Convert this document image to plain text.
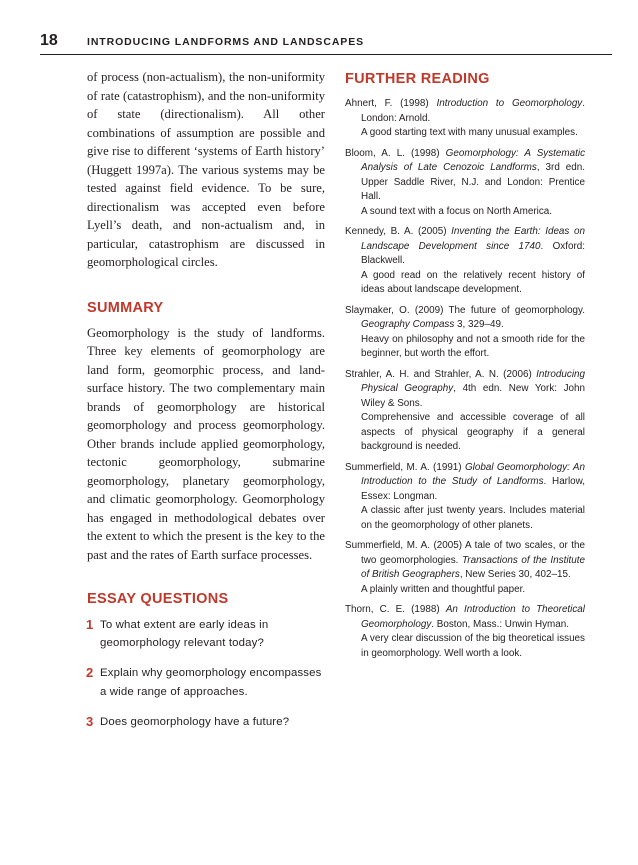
18	INTRODUCING LANDFORMS AND LANDSCAPES

of process (non-actualism), the non-uniformity of rate (catastrophism), and the non-uniformity of state (directionalism). All other combinations of assumption are possible and give rise to different ‘systems of Earth history’ (Huggett 1997a). The various systems may be tested against field evidence. To be sure, directionalism was accepted even before Lyell’s death, and non-actualism and, in particular, catastrophism are discussed in geomorphological circles.

SUMMARY

Geomorphology is the study of landforms. Three key elements of geomorphology are land form, geomorphic process, and land-surface history. The two complementary main brands of geomorphology are historical geomorphology and process geomorphology. Other brands include applied geomorphology, tectonic geomorphology, submarine geomorphology, planetary geomorphology, and climatic geomorphology. Geomorphology has engaged in methodological debates over the extent to which the present is the key to the past and the rates of Earth surface processes.

ESSAY QUESTIONS
1 To what extent are early ideas in geomorphology relevant today?
2 Explain why geomorphology encompasses a wide range of approaches.
3 Does geomorphology have a future?
FURTHER READING
Ahnert, F. (1998) Introduction to Geomorphology. London: Arnold.
A good starting text with many unusual examples.
Bloom, A. L. (1998) Geomorphology: A Systematic Analysis of Late Cenozoic Landforms, 3rd edn. Upper Saddle River, N.J. and London: Prentice Hall.
A sound text with a focus on North America.
Kennedy, B. A. (2005) Inventing the Earth: Ideas on Landscape Development since 1740. Oxford: Blackwell.
A good read on the relatively recent history of ideas about landscape development.
Slaymaker, O. (2009) The future of geomorphology. Geography Compass 3, 329–49.
Heavy on philosophy and not a smooth ride for the beginner, but worth the effort.
Strahler, A. H. and Strahler, A. N. (2006) Introducing Physical Geography, 4th edn. New York: John Wiley & Sons.
Comprehensive and accessible coverage of all aspects of physical geography if a general background is needed.
Summerfield, M. A. (1991) Global Geomorphology: An Introduction to the Study of Landforms. Harlow, Essex: Longman.
A classic after just twenty years. Includes material on the geomorphology of other planets.
Summerfield, M. A. (2005) A tale of two scales, or the two geomorphologies. Transactions of the Institute of British Geographers, New Series 30, 402–15.
A plainly written and thoughtful paper.
Thorn, C. E. (1988) An Introduction to Theoretical Geomorphology. Boston, Mass.: Unwin Hyman.
A very clear discussion of the big theoretical issues in geomorphology. Well worth a look.
